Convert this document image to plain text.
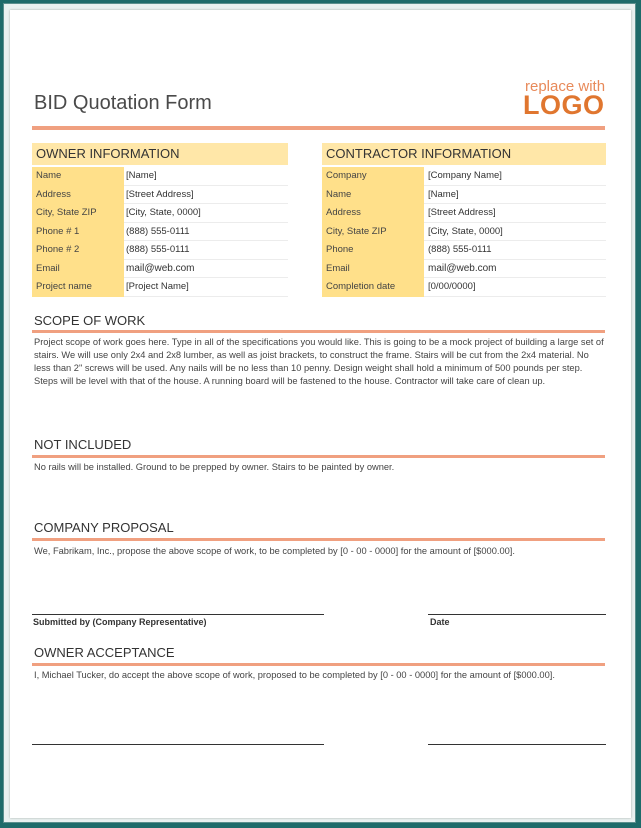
BID Quotation Form
replace with
LOGO
OWNER INFORMATION
Name	[Name]
Address	[Street Address]
City, State ZIP	[City, State, 0000]
Phone # 1	(888) 555-0111
Phone # 2	(888) 555-0111
Email	mail@web.com
Project name	[Project Name]
CONTRACTOR INFORMATION
Company	[Company Name]
Name	[Name]
Address	[Street Address]
City, State ZIP	[City, State, 0000]
Phone	(888) 555-0111
Email	mail@web.com
Completion date	[0/00/0000]
SCOPE OF WORK
Project scope of work goes here. Type in all of the specifications you would like. This is going to be a mock project of building a large set of stairs. We will use only 2x4 and 2x8 lumber, as well as joist brackets, to construct the frame. Stairs will be cut from the 2x4 material. No less than 2" screws will be used. Any nails will be no less than 10 penny. Design weight shall hold a minimum of 500 pounds per step. Steps will be level with that of the house. A running board will be fastened to the house. Contractor will take care of clean up.
NOT INCLUDED
No rails will be installed. Ground to be prepped by owner. Stairs to be painted by owner.
COMPANY PROPOSAL
We, Fabrikam, Inc., propose the above scope of work, to be completed by [0 - 00 - 0000] for the amount of [$000.00].
Submitted by (Company Representative)	Date
OWNER ACCEPTANCE
I, Michael Tucker, do accept the above scope of work, proposed to be completed by [0 - 00 - 0000] for the amount of [$000.00].
